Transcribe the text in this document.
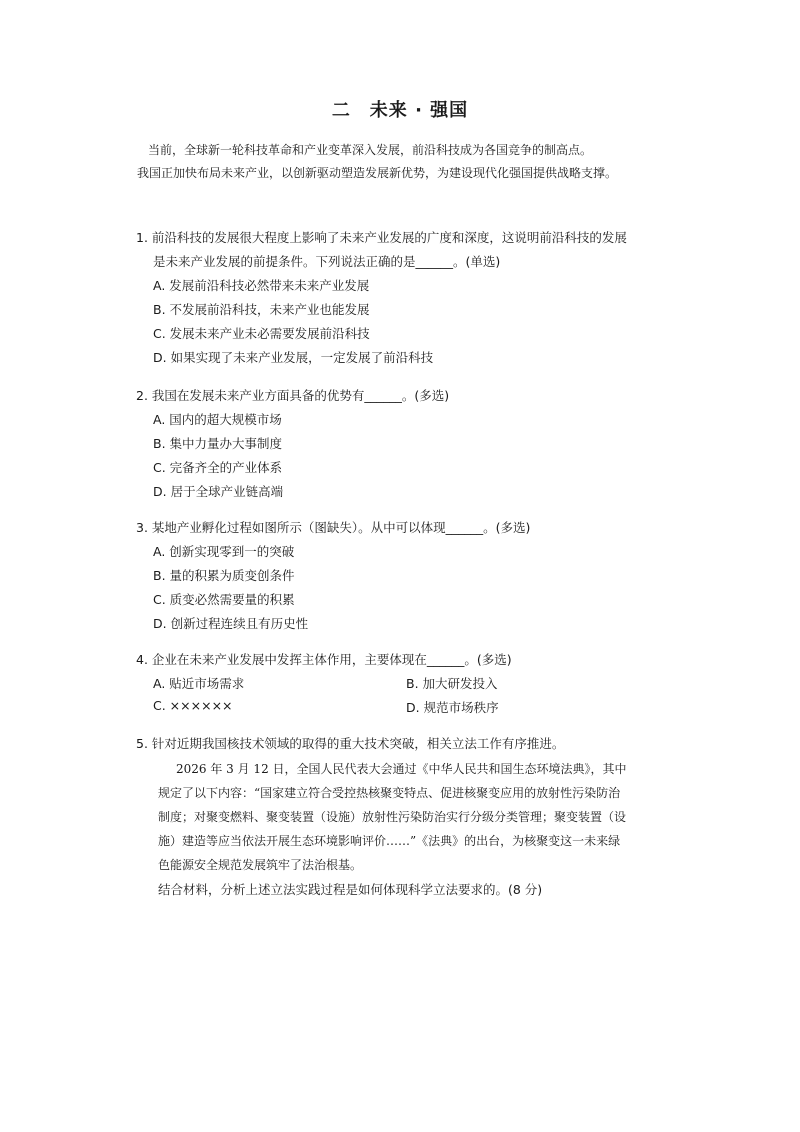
二　未来 · 强国
当前，全球新一轮科技革命和产业变革深入发展，前沿科技成为各国竞争的制高点。
我国正加快布局未来产业，以创新驱动塑造发展新优势，为建设现代化强国提供战略支撑。
1. 前沿科技的发展很大程度上影响了未来产业发展的广度和深度，这说明前沿科技的发展
是未来产业发展的前提条件。下列说法正确的是______。(单选)
A. 发展前沿科技必然带来未来产业发展
B. 不发展前沿科技，未来产业也能发展
C. 发展未来产业未必需要发展前沿科技
D. 如果实现了未来产业发展，一定发展了前沿科技
2. 我国在发展未来产业方面具备的优势有______。(多选)
A. 国内的超大规模市场
B. 集中力量办大事制度
C. 完备齐全的产业体系
D. 居于全球产业链高端
3. 某地产业孵化过程如图所示（图缺失）。从中可以体现______。(多选)
A. 创新实现零到一的突破
B. 量的积累为质变创条件
C. 质变必然需要量的积累
D. 创新过程连续且有历史性
4. 企业在未来产业发展中发挥主体作用，主要体现在______。(多选)
A. 贴近市场需求	B. 加大研发投入
C. ××××××	D. 规范市场秩序
5. 针对近期我国核技术领域的取得的重大技术突破，相关立法工作有序推进。
2026 年 3 月 12 日，全国人民代表大会通过《中华人民共和国生态环境法典》，其中
规定了以下内容：“国家建立符合受控热核聚变特点、促进核聚变应用的放射性污染防治
制度；对聚变燃料、聚变装置（设施）放射性污染防治实行分级分类管理；聚变装置（设
施）建造等应当依法开展生态环境影响评价……”《法典》的出台，为核聚变这一未来绿
色能源安全规范发展筑牢了法治根基。
结合材料，分析上述立法实践过程是如何体现科学立法要求的。(8 分)
